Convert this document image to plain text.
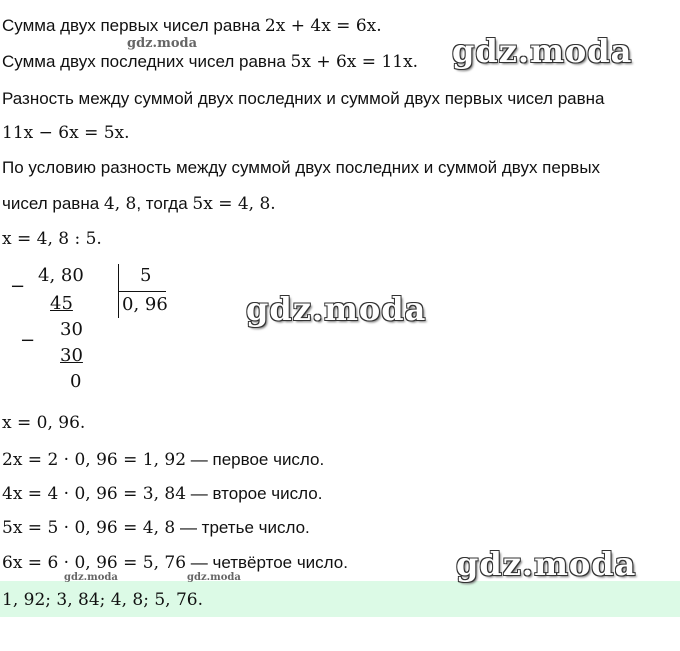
Сумма двух первых чисел равна 2x + 4x = 6x.
Сумма двух последних чисел равна 5x + 6x = 11x.
Разность между суммой двух последних и суммой двух первых чисел равна
11x − 6x = 5x.
По условию разность между суммой двух последних и суммой двух первых
чисел равна 4, 8, тогда 5x = 4, 8.
x = 4, 8 : 5.
−
4, 80
45
−
30
30
0
5
0, 96
x = 0, 96.
2x = 2 · 0, 96 = 1, 92 — первое число.
4x = 4 · 0, 96 = 3, 84 — второе число.
5x = 5 · 0, 96 = 4, 8 — третье число.
6x = 6 · 0, 96 = 5, 76 — четвёртое число.
1, 92; 3, 84; 4, 8; 5, 76.
gdz.moda
gdz.moda
gdz.moda
gdz.moda
gdz.moda	gdz.moda
